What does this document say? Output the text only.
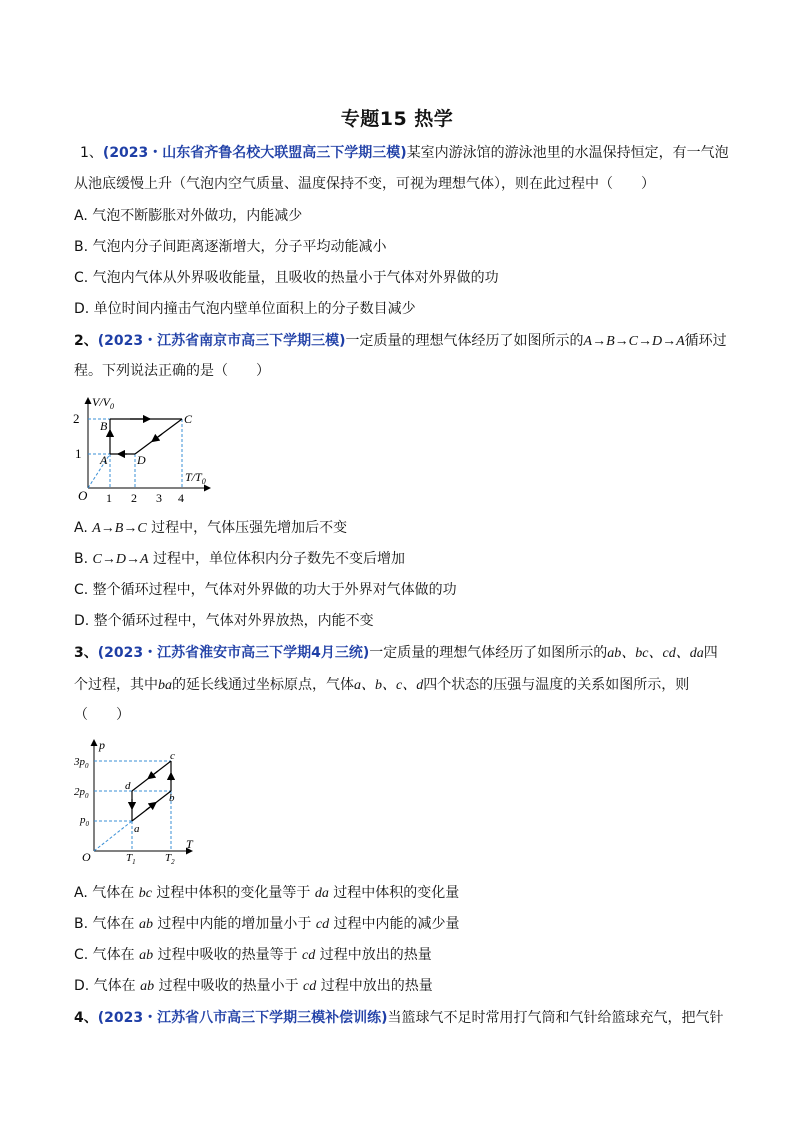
专题15 热学
1、(2023・山东省齐鲁名校大联盟高三下学期三模)某室内游泳馆的游泳池里的水温保持恒定，有一气泡
从池底缓慢上升（气泡内空气质量、温度保持不变，可视为理想气体），则在此过程中（　　）
A. 气泡不断膨胀对外做功，内能减少
B. 气泡内分子间距离逐渐增大，分子平均动能减小
C. 气泡内气体从外界吸收能量，且吸收的热量小于气体对外界做的功
D. 单位时间内撞击气泡内壁单位面积上的分子数目减少
2、(2023・江苏省南京市高三下学期三模)一定质量的理想气体经历了如图所示的A→B→C→D→A循环过
程。下列说法正确的是（　　）
$V/V_0$
$T/T_0$
O
2
1
1 2 3 4
A
B	C
D
A. A→B→C 过程中，气体压强先增加后不变
B. C→D→A 过程中，单位体积内分子数先不变后增加
C. 整个循环过程中，气体对外界做的功大于外界对气体做的功
D. 整个循环过程中，气体对外界放热，内能不变
3、(2023・江苏省淮安市高三下学期4月三统)一定质量的理想气体经历了如图所示的ab、bc、cd、da四
个过程，其中ba的延长线通过坐标原点，气体a、b、c、d四个状态的压强与温度的关系如图所示，则
（　　）
p
T
O
$3p_0$
$2p_0$
$p_0$
$T_1$	$T_2$
a
b
c
d
A. 气体在 bc 过程中体积的变化量等于 da 过程中体积的变化量
B. 气体在 ab 过程中内能的增加量小于 cd 过程中内能的减少量
C. 气体在 ab 过程中吸收的热量等于 cd 过程中放出的热量
D. 气体在 ab 过程中吸收的热量小于 cd 过程中放出的热量
4、(2023・江苏省八市高三下学期三模补偿训练)当篮球气不足时常用打气筒和气针给篮球充气，把气针
